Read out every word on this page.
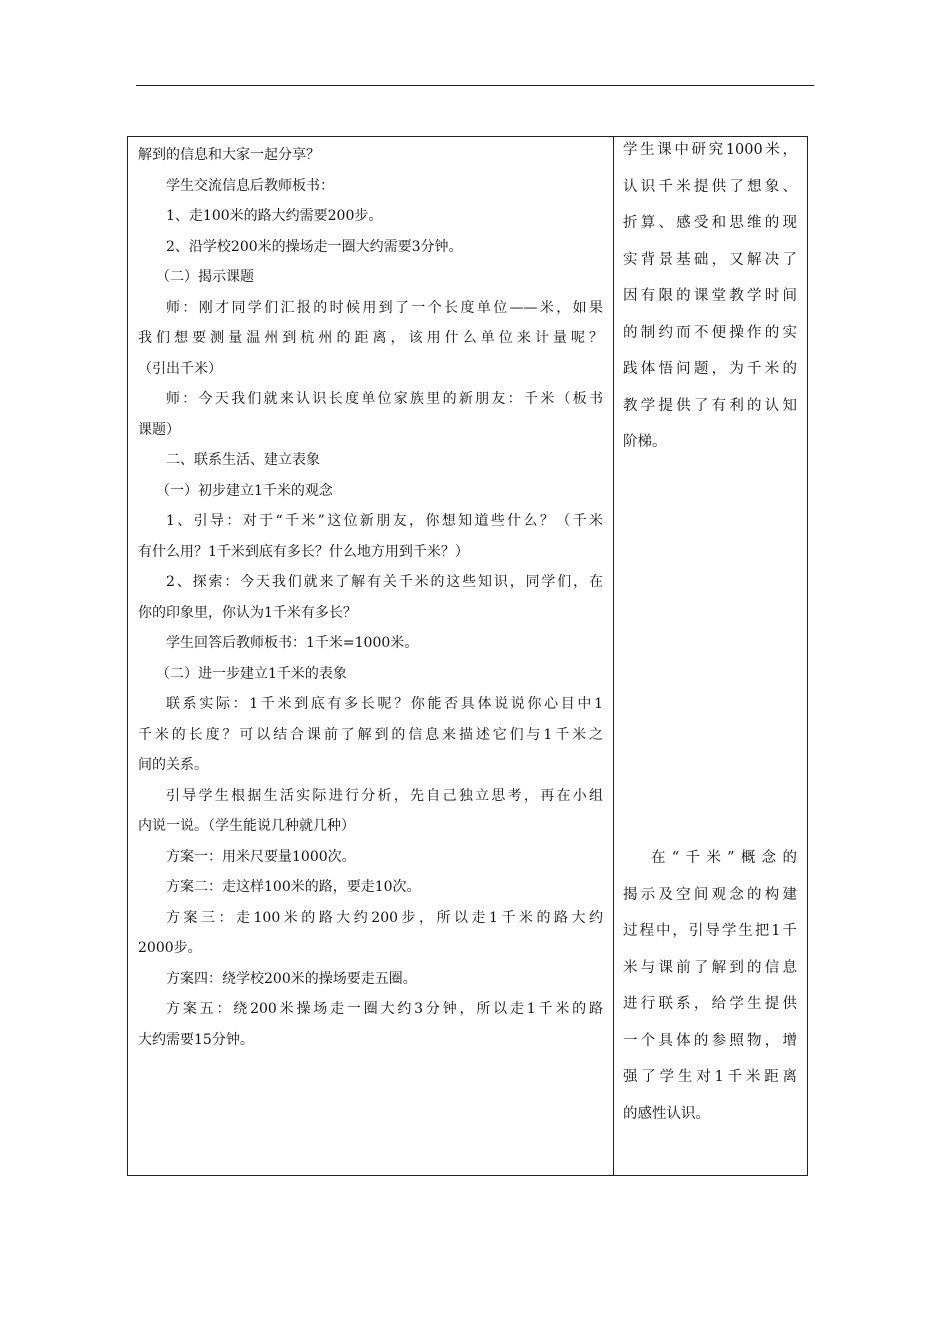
解到的信息和大家一起分享？

学生交流信息后教师板书：

1、走100米的路大约需要200步。

2、沿学校200米的操场走一圈大约需要3分钟。

（二）揭示课题

师：刚才同学们汇报的时候用到了一个长度单位——米，如果

我们想要测量温州到杭州的距离，该用什么单位来计量呢？

（引出千米）

师：今天我们就来认识长度单位家族里的新朋友：千米（板书

课题）

二、联系生活、建立表象

（一）初步建立1千米的观念

1、引导：对于“千米”这位新朋友，你想知道些什么？（千米

有什么用？1千米到底有多长？什么地方用到千米？）

2、探索：今天我们就来了解有关千米的这些知识，同学们，在

你的印象里，你认为1千米有多长？

学生回答后教师板书：1千米=1000米。

（二）进一步建立1千米的表象

联系实际：1千米到底有多长呢？你能否具体说说你心目中1

千米的长度？可以结合课前了解到的信息来描述它们与1千米之

间的关系。

引导学生根据生活实际进行分析，先自己独立思考，再在小组

内说一说。（学生能说几种就几种）

方案一：用米尺要量1000次。

方案二：走这样100米的路，要走10次。

方案三：走100米的路大约200步，所以走1千米的路大约

2000步。

方案四：绕学校200米的操场要走五圈。

方案五：绕200米操场走一圈大约3分钟，所以走1千米的路

大约需要15分钟。

学生课中研究1000米，

认识千米提供了想象、

折算、感受和思维的现

实背景基础，又解决了

因有限的课堂教学时间

的制约而不便操作的实

践体悟问题，为千米的

教学提供了有利的认知

阶梯。

在“千米”概念的

揭示及空间观念的构建

过程中，引导学生把1千

米与课前了解到的信息

进行联系，给学生提供

一个具体的参照物，增

强了学生对1千米距离

的感性认识。
